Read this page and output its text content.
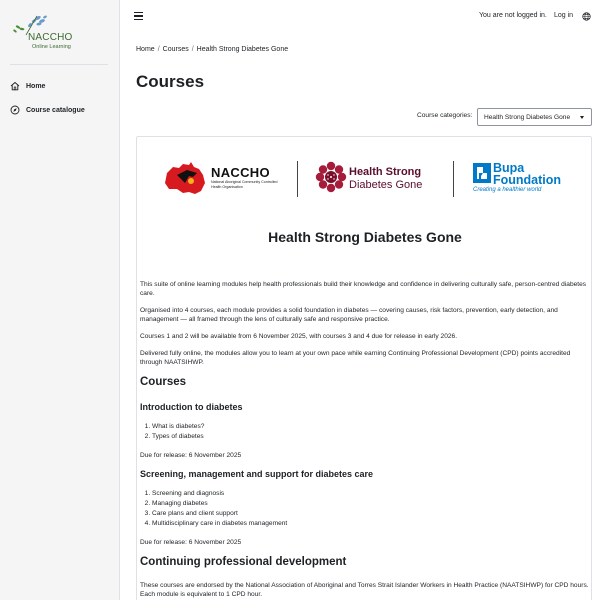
NACCHO
Online Learning
Home
Course catalogue
You are not logged in. Log in
Home / Courses / Health Strong Diabetes Gone
Courses
Course categories: Health Strong Diabetes Gone
NACCHO
National Aboriginal Community Controlled Health Organisation
Health Strong
Diabetes Gone
Bupa
Foundation
Creating a healthier world
Health Strong Diabetes Gone

This suite of online learning modules help health professionals build their knowledge and confidence in delivering culturally safe, person-centred diabetes care.

Organised into 4 courses, each module provides a solid foundation in diabetes — covering causes, risk factors, prevention, early detection, and management — all framed through the lens of culturally safe and responsive practice.

Courses 1 and 2 will be available from 6 November 2025, with courses 3 and 4 due for release in early 2026.

Delivered fully online, the modules allow you to learn at your own pace while earning Continuing Professional Development (CPD) points accredited through NAATSIHWP.

Courses
Introduction to diabetes
1. What is diabetes?
2. Types of diabetes

Due for release: 6 November 2025

Screening, management and support for diabetes care
1. Screening and diagnosis
2. Managing diabetes
3. Care plans and client support
4. Multidisciplinary care in diabetes management

Due for release: 6 November 2025

Continuing professional development

These courses are endorsed by the National Association of Aboriginal and Torres Strait Islander Workers in Health Practice (NAATSIHWP) for CPD hours. Each module is equivalent to 1 CPD hour.
